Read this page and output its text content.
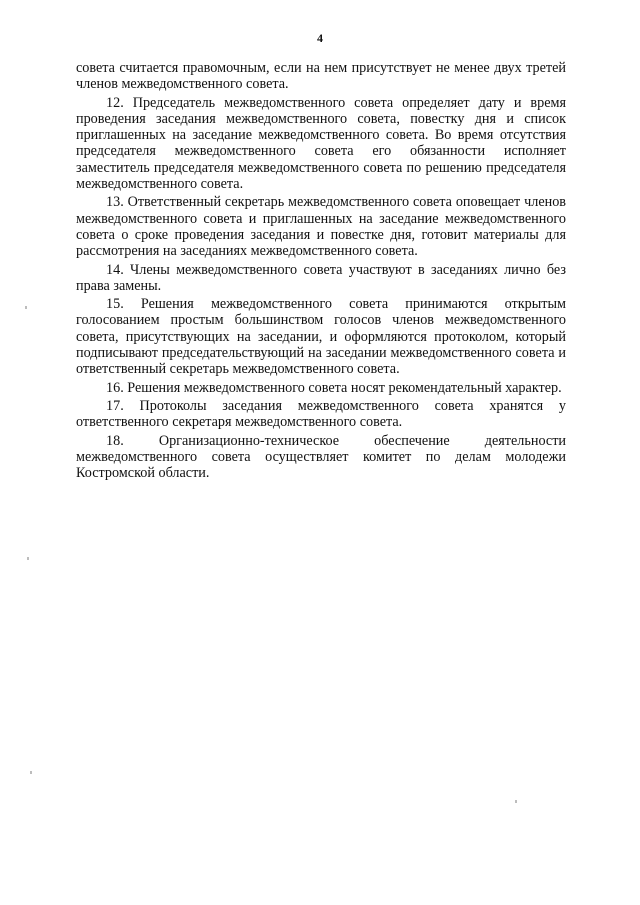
4

совета считается правомочным, если на нем присутствует не менее двух третей членов межведомственного совета.

12. Председатель межведомственного совета определяет дату и время проведения заседания межведомственного совета, повестку дня и список приглашенных на заседание межведомственного совета. Во время отсутствия председателя межведомственного совета его обязанности исполняет заместитель председателя межведомственного совета по решению председателя межведомственного совета.

13. Ответственный секретарь межведомственного совета оповещает членов межведомственного совета и приглашенных на заседание межведомственного совета о сроке проведения заседания и повестке дня, готовит материалы для рассмотрения на заседаниях межведомственного совета.

14. Члены межведомственного совета участвуют в заседаниях лично без права замены.

15. Решения межведомственного совета принимаются открытым голосованием простым большинством голосов членов межведомственного совета, присутствующих на заседании, и оформляются протоколом, который подписывают председательствующий на заседании межведомственного совета и ответственный секретарь межведомственного совета.

16. Решения межведомственного совета носят рекомендательный характер.

17. Протоколы заседания межведомственного совета хранятся у ответственного секретаря межведомственного совета.

18. Организационно-техническое обеспечение деятельности межведомственного совета осуществляет комитет по делам молодежи Костромской области.
